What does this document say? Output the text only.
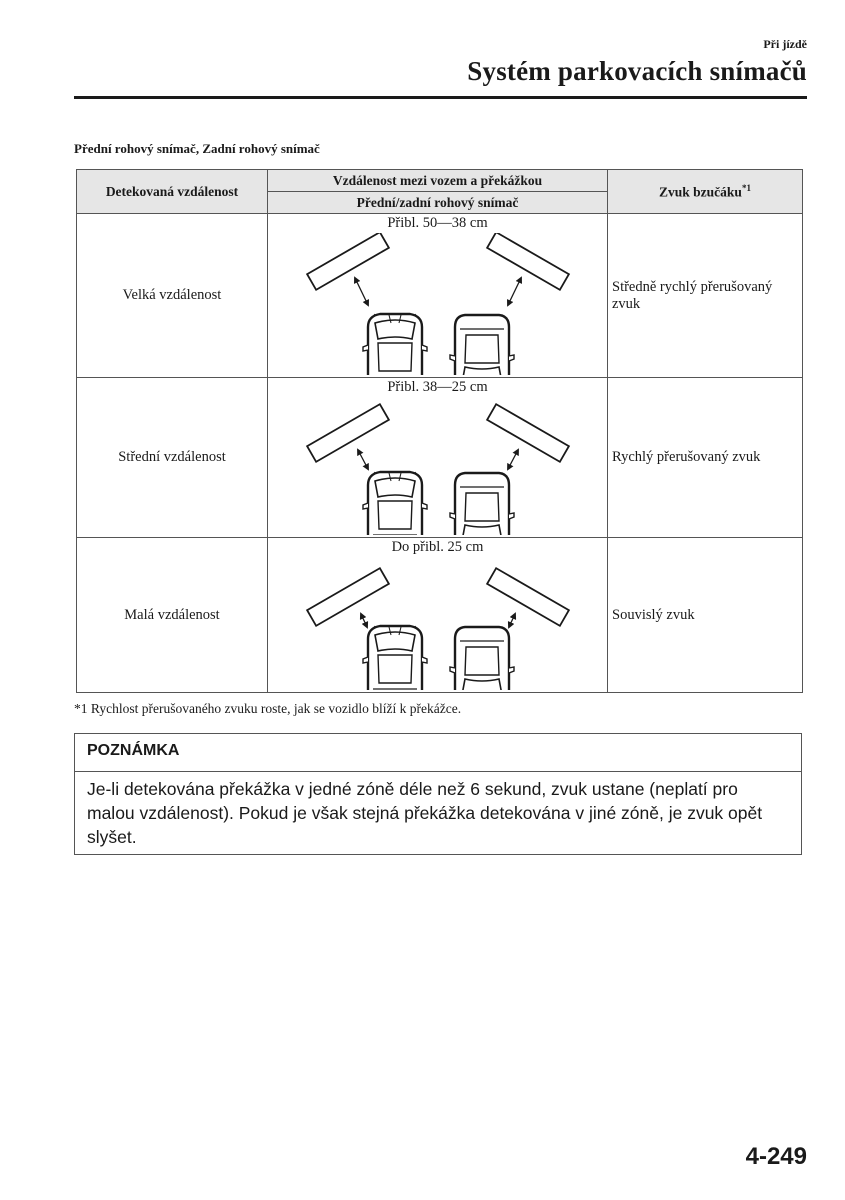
Při jízdě
Systém parkovacích snímačů
Přední rohový snímač, Zadní rohový snímač
Detekovaná vzdálenost	Vzdálenost mezi vozem a překážkou	Zvuk bzučáku$^{*1}$
	Přední/zadní rohový snímač	
Velká vzdálenost	Přibl. 50—38 cm	Středně rychlý přerušovaný zvuk
Střední vzdálenost	Přibl. 38—25 cm	Rychlý přerušovaný zvuk
Malá vzdálenost	Do přibl. 25 cm	Souvislý zvuk
*1 Rychlost přerušovaného zvuku roste, jak se vozidlo blíží k překážce.
POZNÁMKA
Je-li detekována překážka v jedné zóně déle než 6 sekund, zvuk ustane (neplatí pro malou vzdálenost). Pokud je však stejná překážka detekována v jiné zóně, je zvuk opět slyšet.
4-249
